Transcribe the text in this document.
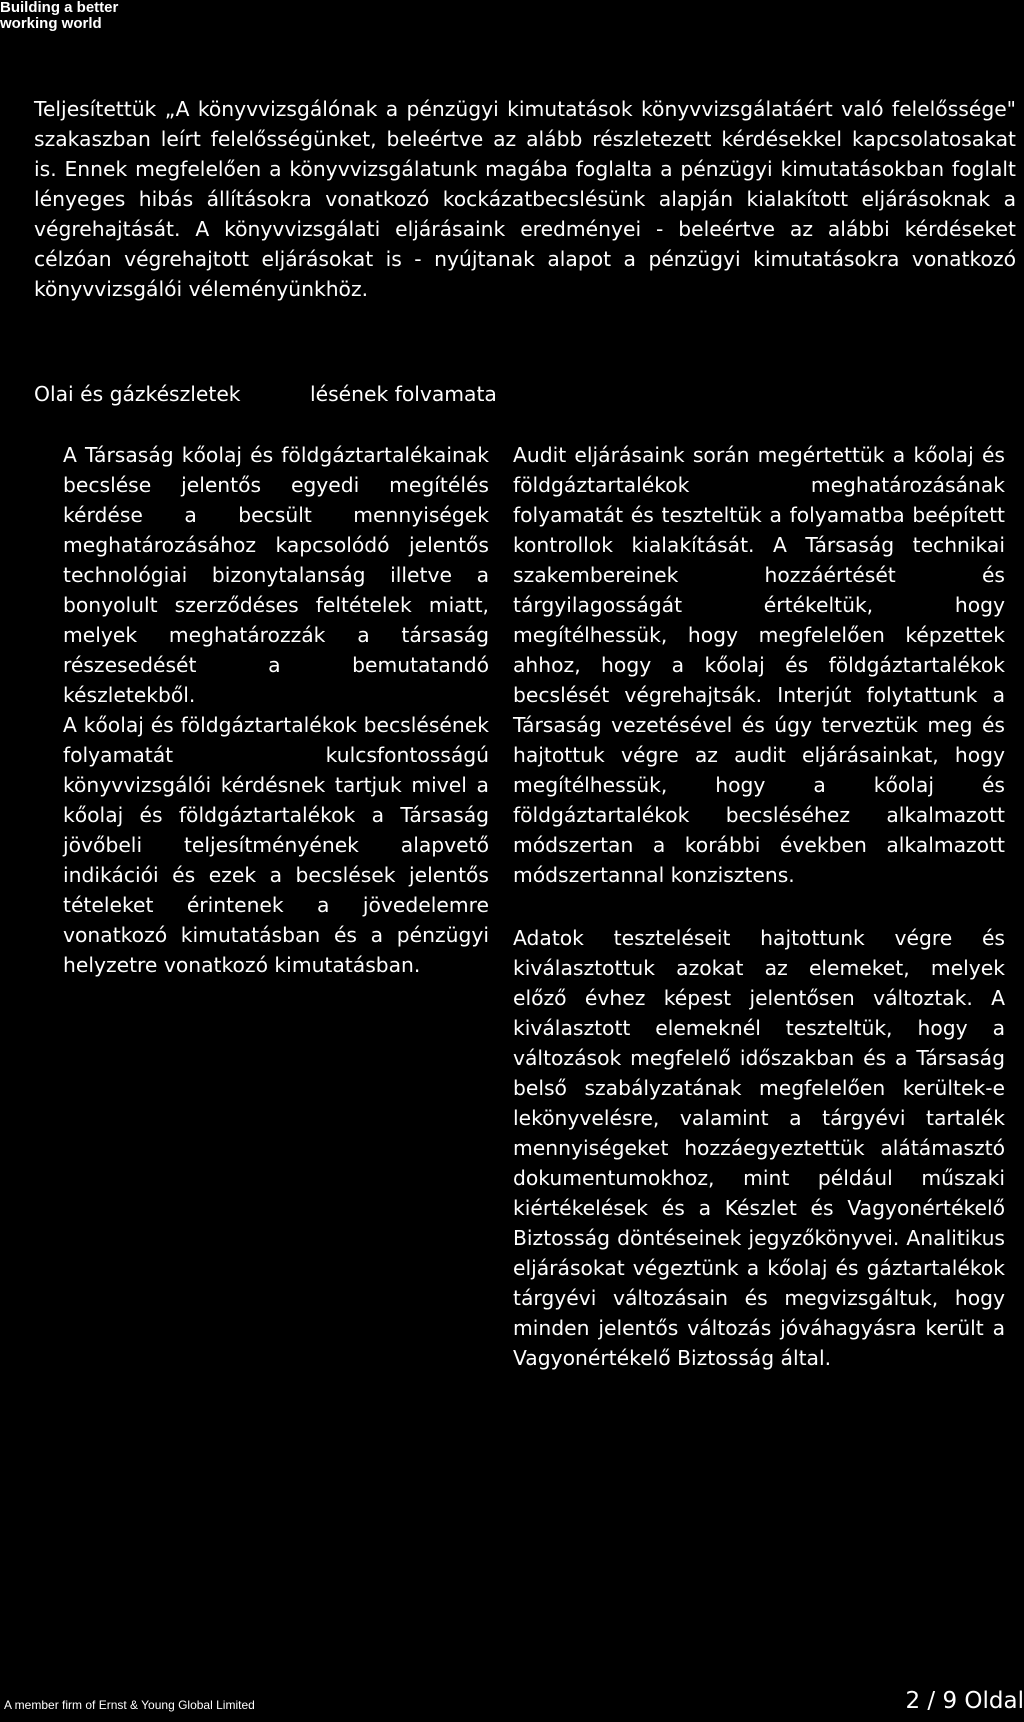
Building a better
working world

Teljesítettük „A könyvvizsgálónak a pénzügyi kimutatások könyvvizsgálatáért való felelőssége" szakaszban leírt felelősségünket, beleértve az alább részletezett kérdésekkel kapcsolatosakat is. Ennek megfelelően a könyvvizsgálatunk magába foglalta a pénzügyi kimutatásokban foglalt lényeges hibás állításokra vonatkozó kockázatbecslésünk alapján kialakított eljárásoknak a végrehajtását. A könyvvizsgálati eljárásaink eredményei - beleértve az alábbi kérdéseket célzóan végrehajtott eljárásokat is - nyújtanak alapot a pénzügyi kimutatásokra vonatkozó könyvvizsgálói véleményünkhöz.

Olai és gázkészletek	lésének folvamata

A Társaság kőolaj és földgáztartalékainak becslése jelentős egyedi megítélés kérdése a becsült mennyiségek meghatározásához kapcsolódó jelentős technológiai bizonytalanság illetve a bonyolult szerződéses feltételek miatt, melyek meghatározzák a társaság részesedését a bemutatandó készletekből.

A kőolaj és földgáztartalékok becslésének folyamatát kulcsfontosságú könyvvizsgálói kérdésnek tartjuk mivel a kőolaj és földgáztartalékok a Társaság jövőbeli teljesítményének alapvető indikációi és ezek a becslések jelentős tételeket érintenek a jövedelemre vonatkozó kimutatásban és a pénzügyi helyzetre vonatkozó kimutatásban.

Audit eljárásaink során megértettük a kőolaj és földgáztartalékok meghatározásának folyamatát és teszteltük a folyamatba beépített kontrollok kialakítását. A Társaság technikai szakembereinek hozzáértését és tárgyilagosságát értékeltük, hogy megítélhessük, hogy megfelelően képzettek ahhoz, hogy a kőolaj és földgáztartalékok becslését végrehajtsák. Interjút folytattunk a Társaság vezetésével és úgy terveztük meg és hajtottuk végre az audit eljárásainkat, hogy megítélhessük, hogy a kőolaj és földgáztartalékok becsléséhez alkalmazott módszertan a korábbi években alkalmazott módszertannal konzisztens.

Adatok teszteléseit hajtottunk végre és kiválasztottuk azokat az elemeket, melyek előző évhez képest jelentősen változtak. A kiválasztott elemeknél teszteltük, hogy a változások megfelelő időszakban és a Társaság belső szabályzatának megfelelően kerültek-e lekönyvelésre, valamint a tárgyévi tartalék mennyiségeket hozzáegyeztettük alátámasztó dokumentumokhoz, mint például műszaki kiértékelések és a Készlet és Vagyonértékelő Biztosság döntéseinek jegyzőkönyvei. Analitikus eljárásokat végeztünk a kőolaj és gáztartalékok tárgyévi változásain és megvizsgáltuk, hogy minden jelentős változás jóváhagyásra került a Vagyonértékelő Biztosság által.

A member firm of Ernst & Young Global Limited	2 / 9 Oldal
